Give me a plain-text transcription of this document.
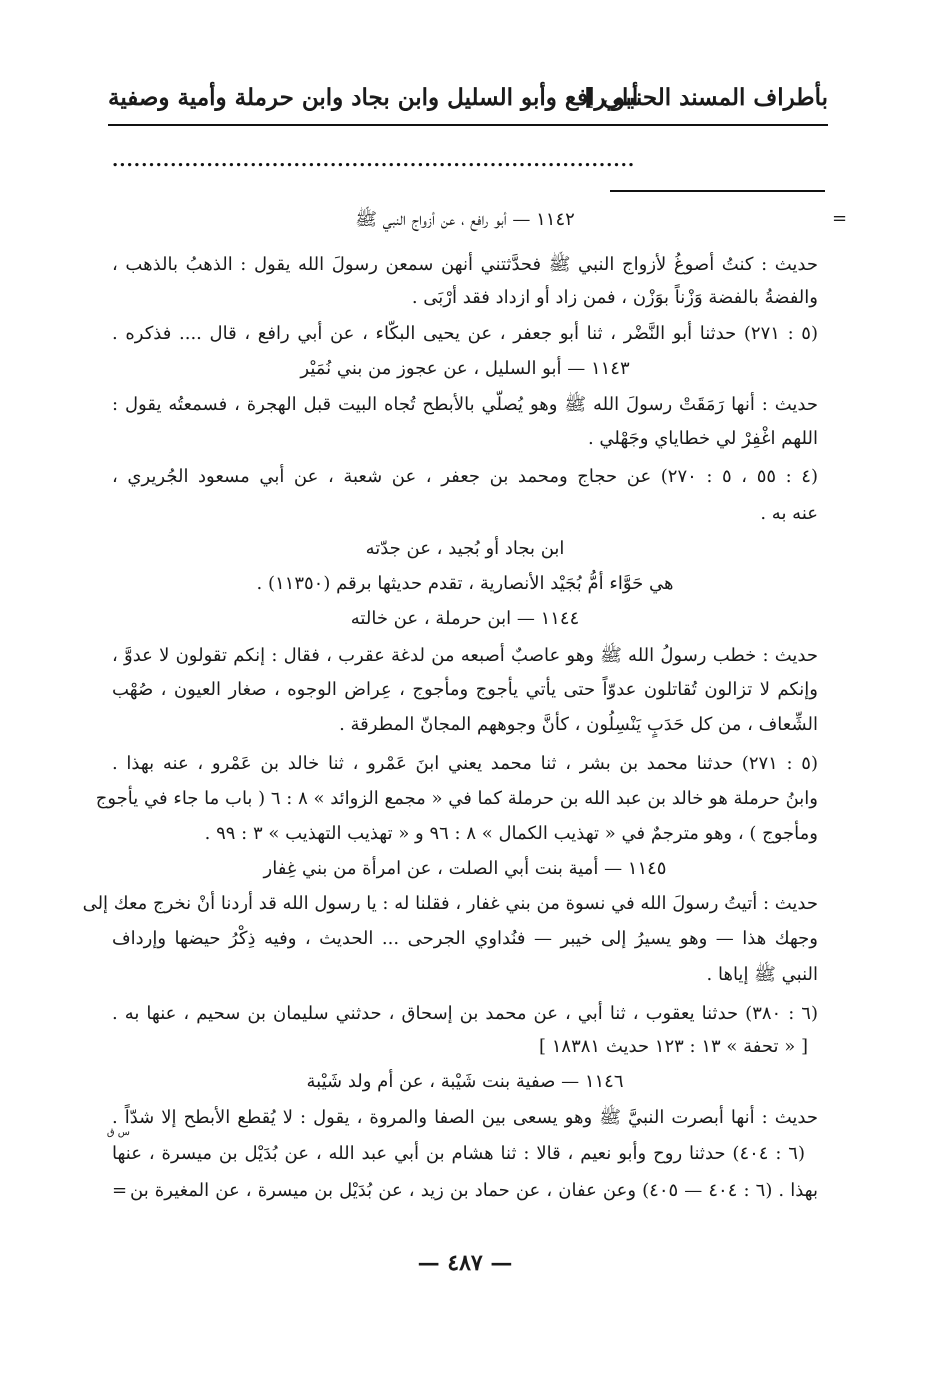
أبو رافع وأبو السليل وابن بجاد وابن حرملة وأمية وصفية
بأطراف المسند الحنبلي ]
........................................................................
=
١١٤٢ — أبو رافع ، عن أزواج النبي ﷺ
حديث : كنتُ أصوغُ لأزواج النبي ﷺ فحدَّثتني أنهن سمعن رسولَ الله يقول : الذهبُ بالذهب ،
والفضةُ بالفضة وَزْناً بوَزْن ، فمن زاد أو ازداد فقد أرْبَى .
(٥ : ٢٧١) حدثنا أبو النَّضْر ، ثنا أبو جعفر ، عن يحيى البكّاء ، عن أبي رافع ، قال .... فذكره .
١١٤٣ — أبو السليل ، عن عجوز من بني نُمَيْر
حديث : أنها رَمَقَتْ رسولَ الله ﷺ وهو يُصلّي بالأبطح تُجاه البيت قبل الهجرة ، فسمعتُه يقول :
اللهم اغْفِرْ لي خطاياي وجَهْلي .
(٤ : ٥٥ ، ٥ : ٢٧٠) عن حجاج ومحمد بن جعفر ، عن شعبة ، عن أبي مسعود الجُريري ،
عنه به .
ابن بجاد أو بُجيد ، عن جدّته
هي حَوَّاء أمُّ بُجَيْد الأنصارية ، تقدم حديثها برقم (١١٣٥٠) .
١١٤٤ — ابن حرملة ، عن خالته
حديث : خطب رسولُ الله ﷺ وهو عاصبٌ أصبعه من لدغة عقرب ، فقال : إنكم تقولون لا عدوَّ ،
وإنكم لا تزالون تُقاتلون عدوّاً حتى يأتي يأجوج ومأجوج ، عِراض الوجوه ، صغار العيون ، صُهْب
الشِّعاف ، من كل حَدَبٍ يَنْسِلُون ، كأنَّ وجوههم المجانّ المطرقة .
(٥ : ٢٧١) حدثنا محمد بن بشر ، ثنا محمد يعني ابنَ عَمْرو ، ثنا خالد بن عَمْرو ، عنه بهذا .
وابنُ حرملة هو خالد بن عبد الله بن حرملة كما في « مجمع الزوائد » ٨ : ٦ ( باب ما جاء في يأجوج
ومأجوج ) ، وهو مترجمٌ في « تهذيب الكمال » ٨ : ٩٦ و « تهذيب التهذيب » ٣ : ٩٩ .
١١٤٥ — أمية بنت أبي الصلت ، عن امرأة من بني غِفار
حديث : أتيتُ رسولَ الله في نسوة من بني غفار ، فقلنا له : يا رسول الله قد أردنا أنْ نخرج معك إلى
وجهك هذا — وهو يسيرُ إلى خيبر — فنُداوي الجرحى ... الحديث ، وفيه ذِكْرُ حيضها وإرداف
النبي ﷺ إياها .
(٦ : ٣٨٠) حدثنا يعقوب ، ثنا أبي ، عن محمد بن إسحاق ، حدثني سليمان بن سحيم ، عنها به .
[ « تحفة » ١٣ : ١٢٣ حديث ١٨٣٨١ ]
١١٤٦ — صفية بنت شَيْبة ، عن أم ولد شَيْبة
حديث : أنها أبصرت النبيَّ ﷺ وهو يسعى بين الصفا والمروة ، يقول : لا يُقطع الأبطح إلا شدّاً .
س ق
(٦ : ٤٠٤) حدثنا روح وأبو نعيم ، قالا : ثنا هشام بن أبي عبد الله ، عن بُدَيْل بن ميسرة ، عنها
بهذا . (٦ : ٤٠٤ — ٤٠٥) وعن عفان ، عن حماد بن زيد ، عن بُدَيْل بن ميسرة ، عن المغيرة بن
=
— ٤٨٧ —
